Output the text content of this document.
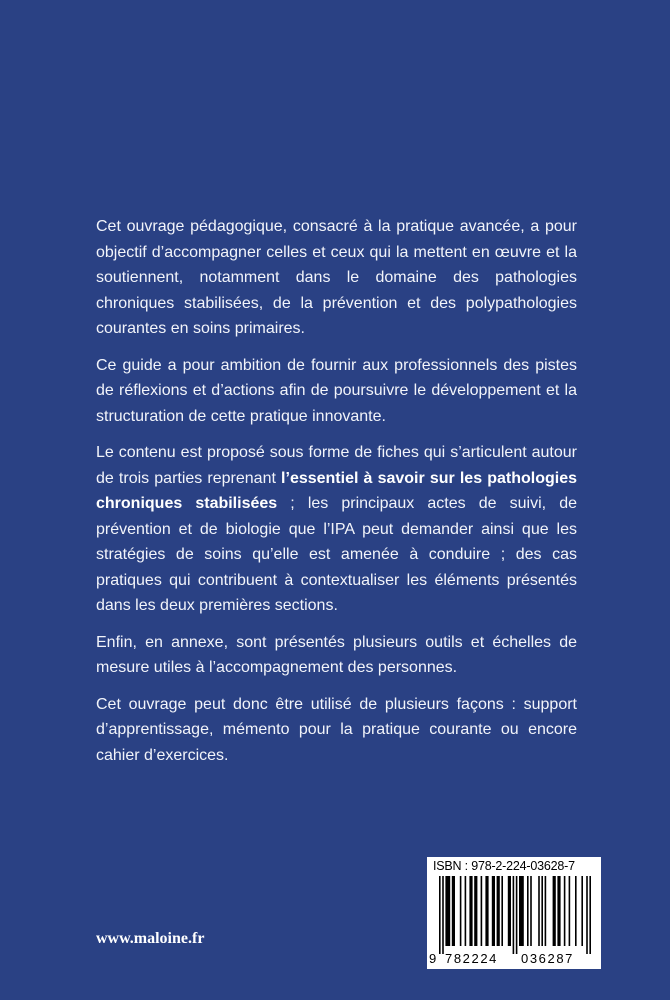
Cet ouvrage pédagogique, consacré à la pratique avancée, a pour objectif d’accompagner celles et ceux qui la mettent en œuvre et la soutiennent, notamment dans le domaine des pathologies chroniques stabilisées, de la prévention et des polypathologies courantes en soins primaires.

Ce guide a pour ambition de fournir aux professionnels des pistes de réflexions et d’actions afin de poursuivre le développement et la structuration de cette pratique innovante.

Le contenu est proposé sous forme de fiches qui s’articulent autour de trois parties reprenant l’essentiel à savoir sur les pathologies chroniques stabilisées ; les principaux actes de suivi, de prévention et de biologie que l’IPA peut demander ainsi que les stratégies de soins qu’elle est amenée à conduire ; des cas pratiques qui contribuent à contextualiser les éléments présentés dans les deux premières sections.

Enfin, en annexe, sont présentés plusieurs outils et échelles de mesure utiles à l’accompagnement des personnes.

Cet ouvrage peut donc être utilisé de plusieurs façons : support d’apprentissage, mémento pour la pratique courante ou encore cahier d’exercices.

www.maloine.fr
ISBN : 978-2-224-03628-7
9 782224 036287
